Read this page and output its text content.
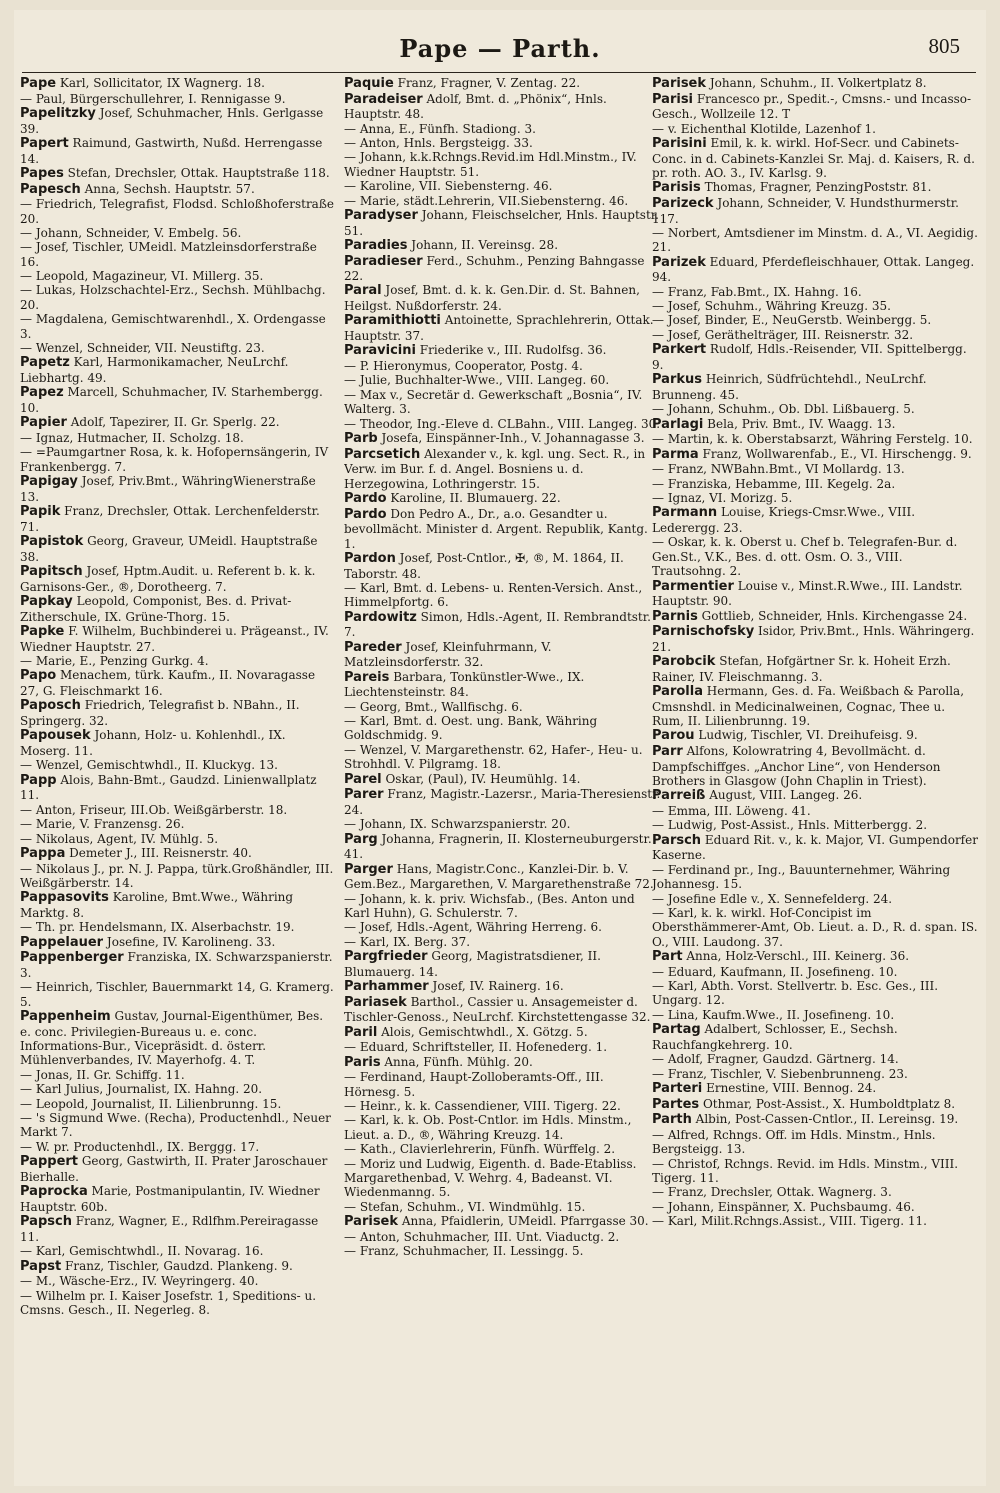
Pape — Parth.	805
Pape Karl, Sollicitator, IX Wagnerg. 18.
— Paul, Bürgerschullehrer, I. Rennigasse 9.
Papelitzky Josef, Schuhmacher, Hnls. Gerlgasse 39.
Papert Raimund, Gastwirth, Nußd. Herrengasse 14.
Papes Stefan, Drechsler, Ottak. Hauptstraße 118.
Papesch Anna, Sechsh. Hauptstr. 57.
— Friedrich, Telegrafist, Flodsd. Schloßhoferstraße 20.
— Johann, Schneider, V. Embelg. 56.
— Josef, Tischler, UMeidl. Matzleinsdorferstraße 16.
— Leopold, Magazineur, VI. Millerg. 35.
— Lukas, Holzschachtel-Erz., Sechsh. Mühlbachg. 20.
— Magdalena, Gemischtwarenhdl., X. Ordengasse 3.
— Wenzel, Schneider, VII. Neustiftg. 23.
Papetz Karl, Harmonikamacher, NeuLrchf. Liebhartg. 49.
Papez Marcell, Schuhmacher, IV. Starhembergg. 10.
Papier Adolf, Tapezirer, II. Gr. Sperlg. 22.
— Ignaz, Hutmacher, II. Scholzg. 18.
— =Paumgartner Rosa, k. k. Hofopernsängerin, IV Frankenbergg. 7.
Papigay Josef, Priv.Bmt., WähringWienerstraße 13.
Papik Franz, Drechsler, Ottak. Lerchenfelderstr. 71.
Papistok Georg, Graveur, UMeidl. Hauptstraße 38.
Papitsch Josef, Hptm.Audit. u. Referent b. k. k. Garnisons-Ger., ®, Dorotheerg. 7.
Papkay Leopold, Componist, Bes. d. Privat-Zitherschule, IX. Grüne-Thorg. 15.
Papke F. Wilhelm, Buchbinderei u. Prägeanst., IV. Wiedner Hauptstr. 27.
— Marie, E., Penzing Gurkg. 4.
Papo Menachem, türk. Kaufm., II. Novaragasse 27, G. Fleischmarkt 16.
Paposch Friedrich, Telegrafist b. NBahn., II. Springerg. 32.
Papousek Johann, Holz- u. Kohlenhdl., IX. Moserg. 11.
— Wenzel, Gemischtwhdl., II. Kluckyg. 13.
Papp Alois, Bahn-Bmt., Gaudzd. Linienwallplatz 11.
— Anton, Friseur, III.Ob. Weißgärberstr. 18.
— Marie, V. Franzensg. 26.
— Nikolaus, Agent, IV. Mühlg. 5.
Pappa Demeter J., III. Reisnerstr. 40.
— Nikolaus J., pr. N. J. Pappa, türk.Großhändler, III. Weißgärberstr. 14.
Pappasovits Karoline, Bmt.Wwe., Währing Marktg. 8.
— Th. pr. Hendelsmann, IX. Alserbachstr. 19.
Pappelauer Josefine, IV. Karolineng. 33.
Pappenberger Franziska, IX. Schwarzspanierstr. 3.
— Heinrich, Tischler, Bauernmarkt 14, G. Kramerg. 5.
Pappenheim Gustav, Journal-Eigenthümer, Bes. e. conc. Privilegien-Bureaus u. e. conc. Informations-Bur., Vicepräsidt. d. österr. Mühlenverbandes, IV. Mayerhofg. 4. T.
— Jonas, II. Gr. Schiffg. 11.
— Karl Julius, Journalist, IX. Hahng. 20.
— Leopold, Journalist, II. Lilienbrunng. 15.
— 's Sigmund Wwe. (Recha), Productenhdl., Neuer Markt 7.
— W. pr. Productenhdl., IX. Berggg. 17.
Pappert Georg, Gastwirth, II. Prater Jaroschauer Bierhalle.
Paprocka Marie, Postmanipulantin, IV. Wiedner Hauptstr. 60b.
Papsch Franz, Wagner, E., Rdlfhm.Pereiragasse 11.
— Karl, Gemischtwhdl., II. Novarag. 16.
Papst Franz, Tischler, Gaudzd. Plankeng. 9.
— M., Wäsche-Erz., IV. Weyringerg. 40.
— Wilhelm pr. I. Kaiser Josefstr. 1, Speditions- u. Cmsns. Gesch., II. Negerleg. 8.
Paquie Franz, Fragner, V. Zentag. 22.
Paradeiser Adolf, Bmt. d. „Phönix“, Hnls. Hauptstr. 48.
— Anna, E., Fünfh. Stadiong. 3.
— Anton, Hnls. Bergsteigg. 33.
— Johann, k.k.Rchngs.Revid.im Hdl.Minstm., IV. Wiedner Hauptstr. 51.
— Karoline, VII. Siebensterng. 46.
— Marie, städt.Lehrerin, VII.Siebensterng. 46.
Paradyser Johann, Fleischselcher, Hnls. Hauptstr. 51.
Paradies Johann, II. Vereinsg. 28.
Paradieser Ferd., Schuhm., Penzing Bahngasse 22.
Paral Josef, Bmt. d. k. k. Gen.Dir. d. St. Bahnen, Heilgst. Nußdorferstr. 24.
Paramithiotti Antoinette, Sprachlehrerin, Ottak. Hauptstr. 37.
Paravicini Friederike v., III. Rudolfsg. 36.
— P. Hieronymus, Cooperator, Postg. 4.
— Julie, Buchhalter-Wwe., VIII. Langeg. 60.
— Max v., Secretär d. Gewerkschaft „Bosnia“, IV. Walterg. 3.
— Theodor, Ing.-Eleve d. CLBahn., VIII. Langeg. 30.
Parb Josefa, Einspänner-Inh., V. Johannagasse 3.
Parcsetich Alexander v., k. kgl. ung. Sect. R., in Verw. im Bur. f. d. Angel. Bosniens u. d. Herzegowina, Lothringerstr. 15.
Pardo Karoline, II. Blumauerg. 22.
Pardo Don Pedro A., Dr., a.o. Gesandter u. bevollmächt. Minister d. Argent. Republik, Kantg. 1.
Pardon Josef, Post-Cntlor., ✠, ®, M. 1864, II. Taborstr. 48.
— Karl, Bmt. d. Lebens- u. Renten-Versich. Anst., Himmelpfortg. 6.
Pardowitz Simon, Hdls.-Agent, II. Rembrandtstr. 7.
Pareder Josef, Kleinfuhrmann, V. Matzleinsdorferstr. 32.
Pareis Barbara, Tonkünstler-Wwe., IX. Liechtensteinstr. 84.
— Georg, Bmt., Wallfischg. 6.
— Karl, Bmt. d. Oest. ung. Bank, Währing Goldschmidg. 9.
— Wenzel, V. Margarethenstr. 62, Hafer-, Heu- u. Strohhdl. V. Pilgramg. 18.
Parel Oskar, (Paul), IV. Heumühlg. 14.
Parer Franz, Magistr.-Lazersr., Maria-Theresienstr. 24.
— Johann, IX. Schwarzspanierstr. 20.
Parg Johanna, Fragnerin, II. Klosterneuburgerstr. 41.
Parger Hans, Magistr.Conc., Kanzlei-Dir. b. V. Gem.Bez., Margarethen, V. Margarethenstraße 72.
— Johann, k. k. priv. Wichsfab., (Bes. Anton und Karl Huhn), G. Schulerstr. 7.
— Josef, Hdls.-Agent, Währing Herreng. 6.
— Karl, IX. Berg. 37.
Pargfrieder Georg, Magistratsdiener, II. Blumauerg. 14.
Parhammer Josef, IV. Rainerg. 16.
Pariasek Barthol., Cassier u. Ansagemeister d. Tischler-Genoss., NeuLrchf. Kirchstettengasse 32.
Paril Alois, Gemischtwhdl., X. Götzg. 5.
— Eduard, Schriftsteller, II. Hofenederg. 1.
Paris Anna, Fünfh. Mühlg. 20.
— Ferdinand, Haupt-Zolloberamts-Off., III. Hörnesg. 5.
— Heinr., k. k. Cassendiener, VIII. Tigerg. 22.
— Karl, k. k. Ob. Post-Cntlor. im Hdls. Minstm., Lieut. a. D., ®, Währing Kreuzg. 14.
— Kath., Clavierlehrerin, Fünfh. Würffelg. 2.
— Moriz und Ludwig, Eigenth. d. Bade-Etabliss. Margarethenbad, V. Wehrg. 4, Badeanst. VI. Wiedenmanng. 5.
— Stefan, Schuhm., VI. Windmühlg. 15.
Parisek Anna, Pfaidlerin, UMeidl. Pfarrgasse 30.
— Anton, Schuhmacher, III. Unt. Viaductg. 2.
— Franz, Schuhmacher, II. Lessingg. 5.
Parisek Johann, Schuhm., II. Volkertplatz 8.
Parisi Francesco pr., Spedit.-, Cmsns.- und Incasso-Gesch., Wollzeile 12. T
— v. Eichenthal Klotilde, Lazenhof 1.
Parisini Emil, k. k. wirkl. Hof-Secr. und Cabinets-Conc. in d. Cabinets-Kanzlei Sr. Maj. d. Kaisers, R. d. pr. roth. AO. 3., IV. Karlsg. 9.
Parisis Thomas, Fragner, PenzingPoststr. 81.
Parizeck Johann, Schneider, V. Hundsthurmerstr. 117.
— Norbert, Amtsdiener im Minstm. d. A., VI. Aegidig. 21.
Parizek Eduard, Pferdefleischhauer, Ottak. Langeg. 94.
— Franz, Fab.Bmt., IX. Hahng. 16.
— Josef, Schuhm., Währing Kreuzg. 35.
— Josef, Binder, E., NeuGerstb. Weinbergg. 5.
— Josef, Geräthelträger, III. Reisnerstr. 32.
Parkert Rudolf, Hdls.-Reisender, VII. Spittelbergg. 9.
Parkus Heinrich, Südfrüchtehdl., NeuLrchf. Brunneng. 45.
— Johann, Schuhm., Ob. Dbl. Lißbauerg. 5.
Parlagi Bela, Priv. Bmt., IV. Waagg. 13.
— Martin, k. k. Oberstabsarzt, Währing Ferstelg. 10.
Parma Franz, Wollwarenfab., E., VI. Hirschengg. 9.
— Franz, NWBahn.Bmt., VI Mollardg. 13.
— Franziska, Hebamme, III. Kegelg. 2a.
— Ignaz, VI. Morizg. 5.
Parmann Louise, Kriegs-Cmsr.Wwe., VIII. Lederergg. 23.
— Oskar, k. k. Oberst u. Chef b. Telegrafen-Bur. d. Gen.St., V.K., Bes. d. ott. Osm. O. 3., VIII. Trautsohng. 2.
Parmentier Louise v., Minst.R.Wwe., III. Landstr. Hauptstr. 90.
Parnis Gottlieb, Schneider, Hnls. Kirchengasse 24.
Parnischofsky Isidor, Priv.Bmt., Hnls. Währingerg. 21.
Parobcik Stefan, Hofgärtner Sr. k. Hoheit Erzh. Rainer, IV. Fleischmanng. 3.
Parolla Hermann, Ges. d. Fa. Weißbach & Parolla, Cmsnshdl. in Medicinalweinen, Cognac, Thee u. Rum, II. Lilienbrunng. 19.
Parou Ludwig, Tischler, VI. Dreihufeisg. 9.
Parr Alfons, Kolowratring 4, Bevollmächt. d. Dampfschiffges. „Anchor Line“, von Henderson Brothers in Glasgow (John Chaplin in Triest).
Parreiß August, VIII. Langeg. 26.
— Emma, III. Löweng. 41.
— Ludwig, Post-Assist., Hnls. Mitterbergg. 2.
Parsch Eduard Rit. v., k. k. Major, VI. Gumpendorfer Kaserne.
— Ferdinand pr., Ing., Bauunternehmer, Währing Johannesg. 15.
— Josefine Edle v., X. Sennefelderg. 24.
— Karl, k. k. wirkl. Hof-Concipist im Obersthämmerer-Amt, Ob. Lieut. a. D., R. d. span. IS. O., VIII. Laudong. 37.
Part Anna, Holz-Verschl., III. Keinerg. 36.
— Eduard, Kaufmann, II. Josefineng. 10.
— Karl, Abth. Vorst. Stellvertr. b. Esc. Ges., III. Ungarg. 12.
— Lina, Kaufm.Wwe., II. Josefineng. 10.
Partag Adalbert, Schlosser, E., Sechsh. Rauchfangkehrerg. 10.
— Adolf, Fragner, Gaudzd. Gärtnerg. 14.
— Franz, Tischler, V. Siebenbrunneng. 23.
Parteri Ernestine, VIII. Bennog. 24.
Partes Othmar, Post-Assist., X. Humboldtplatz 8.
Parth Albin, Post-Cassen-Cntlor., II. Lereinsg. 19.
— Alfred, Rchngs. Off. im Hdls. Minstm., Hnls. Bergsteigg. 13.
— Christof, Rchngs. Revid. im Hdls. Minstm., VIII. Tigerg. 11.
— Franz, Drechsler, Ottak. Wagnerg. 3.
— Johann, Einspänner, X. Puchsbaumg. 46.
— Karl, Milit.Rchngs.Assist., VIII. Tigerg. 11.
